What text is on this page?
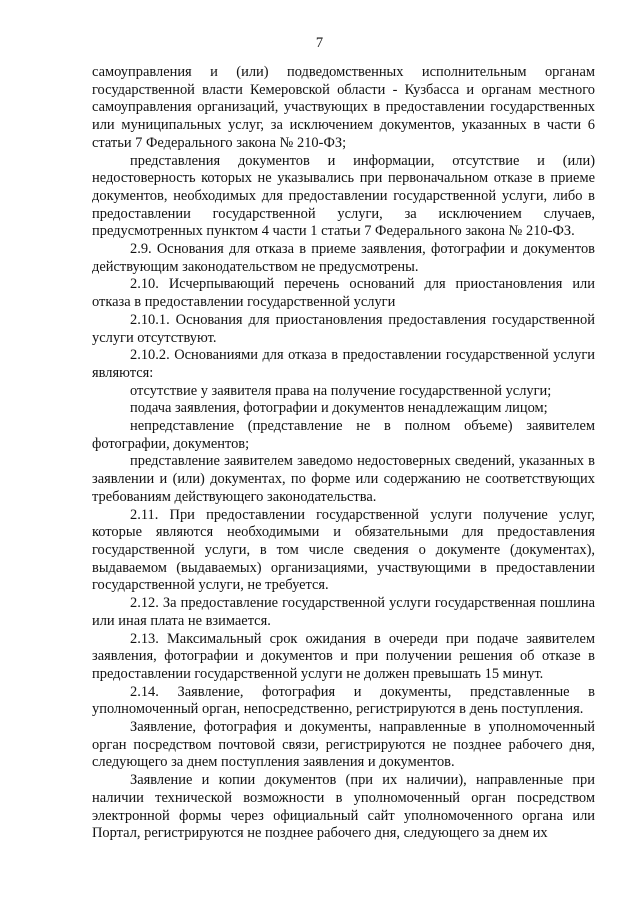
7

самоуправления и (или) подведомственных исполнительным органам государственной власти Кемеровской области - Кузбасса и органам местного самоуправления организаций, участвующих в предоставлении государственных или муниципальных услуг, за исключением документов, указанных в части 6 статьи 7 Федерального закона № 210-ФЗ;

представления документов и информации, отсутствие и (или) недостоверность которых не указывались при первоначальном отказе в приеме документов, необходимых для предоставлении государственной услуги, либо в предоставлении государственной услуги, за исключением случаев, предусмотренных пунктом 4 части 1 статьи 7 Федерального закона № 210-ФЗ.

2.9. Основания для отказа в приеме заявления, фотографии и документов действующим законодательством не предусмотрены.

2.10. Исчерпывающий перечень оснований для приостановления или отказа в предоставлении государственной услуги

2.10.1. Основания для приостановления предоставления государственной услуги отсутствуют.

2.10.2. Основаниями для отказа в предоставлении государственной услуги являются:

отсутствие у заявителя права на получение государственной услуги;

подача заявления, фотографии и документов ненадлежащим лицом;

непредставление (представление не в полном объеме) заявителем фотографии, документов;

представление заявителем заведомо недостоверных сведений, указанных в заявлении и (или) документах, по форме или содержанию не соответствующих требованиям действующего законодательства.

2.11. При предоставлении государственной услуги получение услуг, которые являются необходимыми и обязательными для предоставления государственной услуги, в том числе сведения о документе (документах), выдаваемом (выдаваемых) организациями, участвующими в предоставлении государственной услуги, не требуется.

2.12. За предоставление государственной услуги государственная пошлина или иная плата не взимается.

2.13. Максимальный срок ожидания в очереди при подаче заявителем заявления, фотографии и документов и при получении решения об отказе в предоставлении государственной услуги не должен превышать 15 минут.

2.14. Заявление, фотография и документы, представленные в уполномоченный орган, непосредственно, регистрируются в день поступления.

Заявление, фотография и документы, направленные в уполномоченный орган посредством почтовой связи, регистрируются не позднее рабочего дня, следующего за днем поступления заявления и документов.

Заявление и копии документов (при их наличии), направленные при наличии технической возможности в уполномоченный орган посредством электронной формы через официальный сайт уполномоченного органа или Портал, регистрируются не позднее рабочего дня, следующего за днем их
